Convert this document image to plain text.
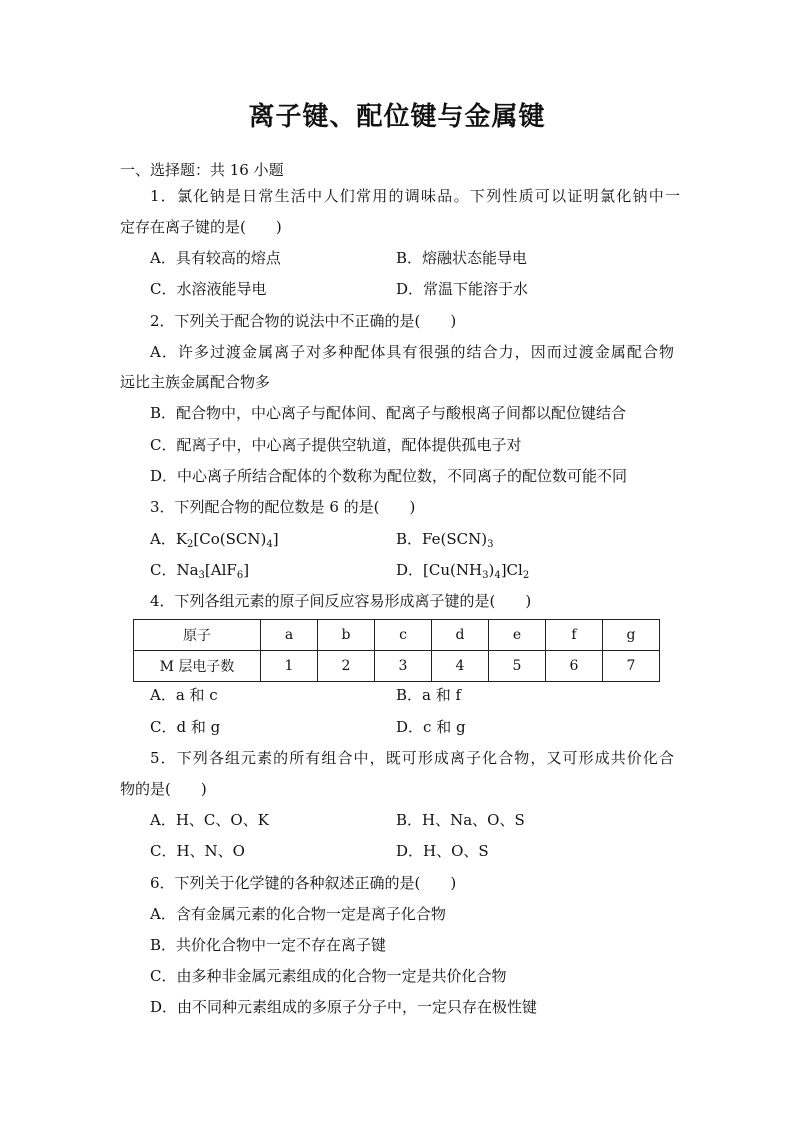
离子键、配位键与金属键
一、选择题：共 16 小题
1．氯化钠是日常生活中人们常用的调味品。下列性质可以证明氯化钠中一
定存在离子键的是(　　)
A．具有较高的熔点	B．熔融状态能导电
C．水溶液能导电	D．常温下能溶于水
2．下列关于配合物的说法中不正确的是(　　)
A．许多过渡金属离子对多种配体具有很强的结合力，因而过渡金属配合物
远比主族金属配合物多
B．配合物中，中心离子与配体间、配离子与酸根离子间都以配位键结合
C．配离子中，中心离子提供空轨道，配体提供孤电子对
D．中心离子所结合配体的个数称为配位数，不同离子的配位数可能不同
3．下列配合物的配位数是 6 的是(　　)
A．$K_2[Co(SCN)_4]$	B．$Fe(SCN)_3$
C．$Na_3[AlF_6]$	D．$[Cu(NH_3)_4]Cl_2$
4．下列各组元素的原子间反应容易形成离子键的是(　　)
原子	a	b	c	d	e	f	g
M 层电子数	1	2	3	4	5	6	7
A．a 和 c	B．a 和 f
C．d 和 g	D．c 和 g
5．下列各组元素的所有组合中，既可形成离子化合物，又可形成共价化合
物的是(　　)
A．H、C、O、K	B．H、Na、O、S
C．H、N、O	D．H、O、S
6．下列关于化学键的各种叙述正确的是(　　)
A．含有金属元素的化合物一定是离子化合物
B．共价化合物中一定不存在离子键
C．由多种非金属元素组成的化合物一定是共价化合物
D．由不同种元素组成的多原子分子中，一定只存在极性键
